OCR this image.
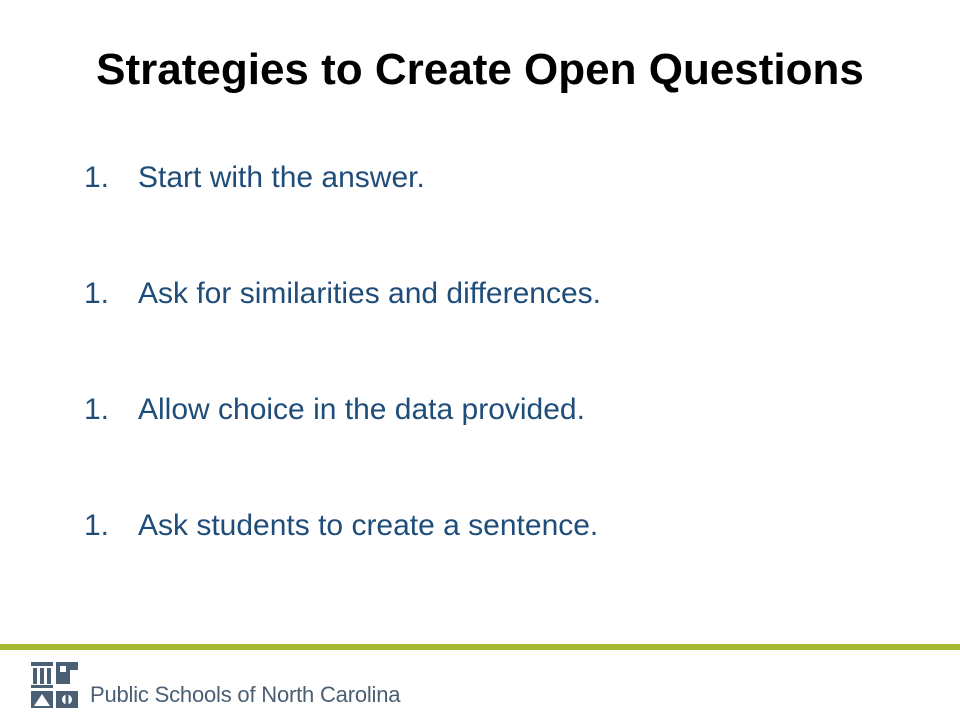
Strategies to Create Open Questions
1. Start with the answer.
1. Ask for similarities and differences.
1. Allow choice in the data provided.
1. Ask students to create a sentence.
Public Schools of North Carolina
